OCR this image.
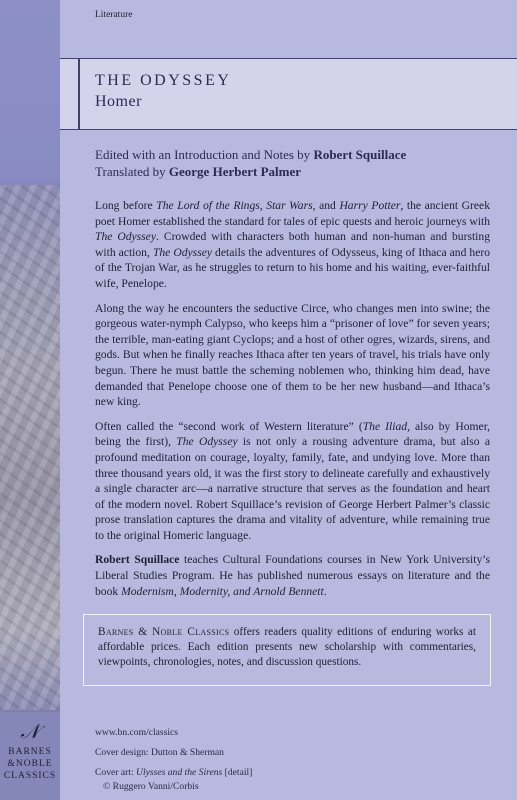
𝒩
BARNES
&NOBLE
CLASSICS
Literature
THE ODYSSEY
Homer

Edited with an Introduction and Notes by Robert Squillace

Translated by George Herbert Palmer

Long before The Lord of the Rings, Star Wars, and Harry Potter, the ancient Greek poet Homer established the standard for tales of epic quests and heroic journeys with The Odyssey. Crowded with characters both human and non-human and bursting with action, The Odyssey details the adventures of Odysseus, king of Ithaca and hero of the Trojan War, as he struggles to return to his home and his waiting, ever-faithful wife, Penelope.

Along the way he encounters the seductive Circe, who changes men into swine; the gorgeous water-nymph Calypso, who keeps him a “prisoner of love” for seven years; the terrible, man-eating giant Cyclops; and a host of other ogres, wizards, sirens, and gods. But when he finally reaches Ithaca after ten years of travel, his trials have only begun. There he must battle the scheming noblemen who, thinking him dead, have demanded that Penelope choose one of them to be her new husband—and Ithaca’s new king.

Often called the “second work of Western literature” (The Iliad, also by Homer, being the first), The Odyssey is not only a rousing adventure drama, but also a profound meditation on courage, loyalty, family, fate, and undying love. More than three thousand years old, it was the first story to delineate carefully and exhaustively a single character arc—a narrative structure that serves as the foundation and heart of the modern novel. Robert Squillace’s revision of George Herbert Palmer’s classic prose translation captures the drama and vitality of adventure, while remaining true to the original Homeric language.

Robert Squillace teaches Cultural Foundations courses in New York University’s Liberal Studies Program. He has published numerous essays on literature and the book Modernism, Modernity, and Arnold Bennett.

Barnes & Noble Classics offers readers quality editions of enduring works at affordable prices. Each edition presents new scholarship with commentaries, viewpoints, chronologies, notes, and discussion questions.
www.bn.com/classics
Cover design: Dutton & Sherman
Cover art: Ulysses and the Sirens [detail]
© Ruggero Vanni/Corbis
